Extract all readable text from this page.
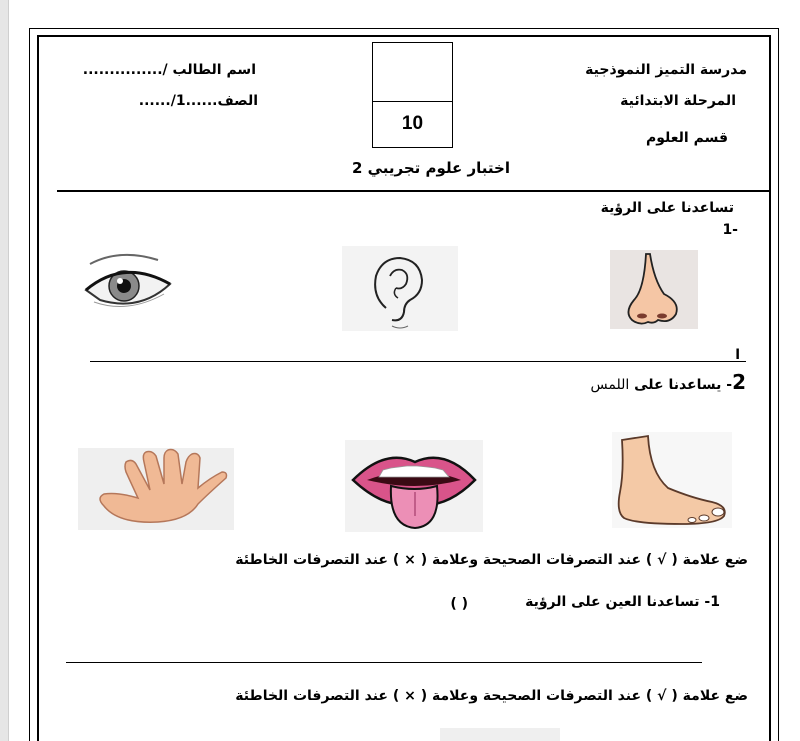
مدرسة التميز النموذجية
المرحلة الابتدائية
قسم العلوم
اسم الطالب /...............
الصف......1/......
10
اختبار علوم تجريبي 2
تساعدنا على الرؤية
1-
ا
2- يساعدنا على اللمس
ضع علامة ( √ ) عند التصرفات الصحيحة وعلامة ( × ) عند التصرفات الخاطئة
1- تساعدنا العين على الرؤية
( )
ضع علامة ( √ ) عند التصرفات الصحيحة وعلامة ( × ) عند التصرفات الخاطئة
